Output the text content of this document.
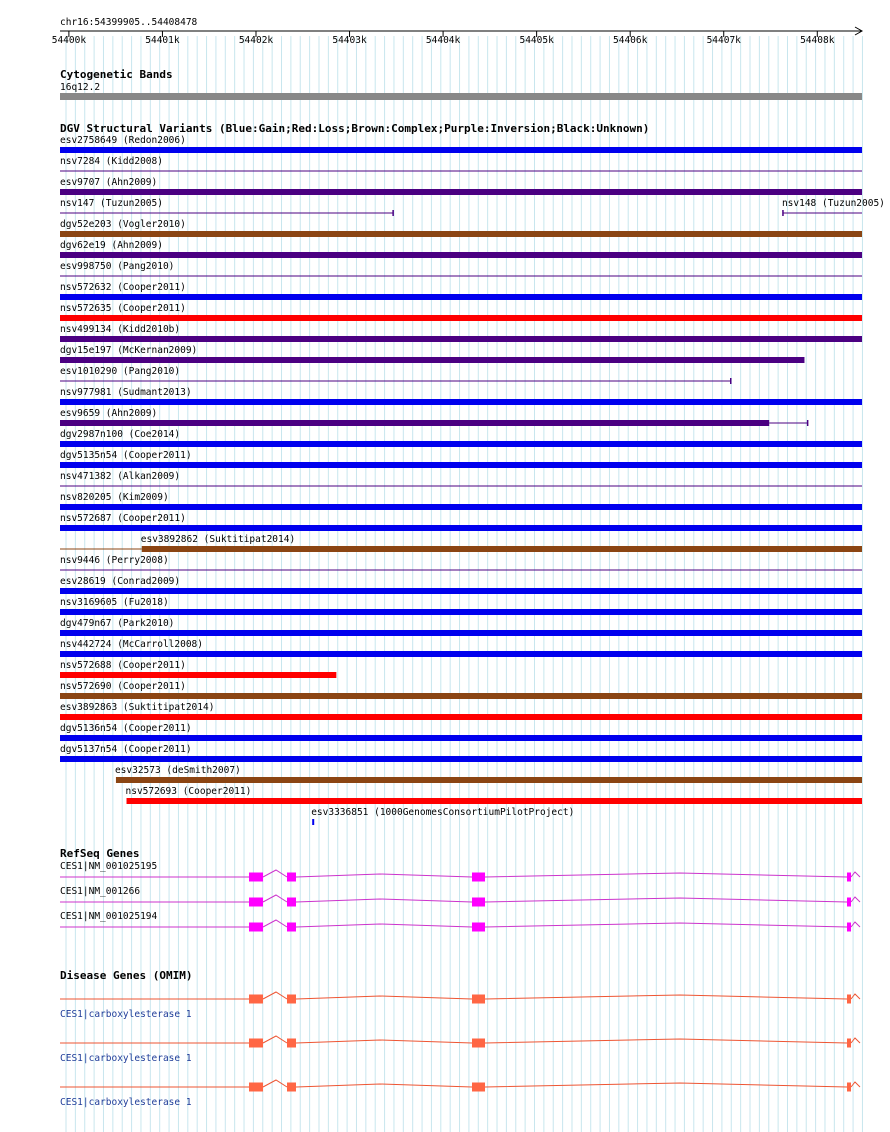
chr16:54399905..54408478
54400k	54401k	54402k	54403k	54404k	54405k	54406k	54407k	54408k
Cytogenetic Bands
16q12.2
DGV Structural Variants (Blue:Gain;Red:Loss;Brown:Complex;Purple:Inversion;Black:Unknown)
esv2758649 (Redon2006)
nsv7284 (Kidd2008)
esv9707 (Ahn2009)
nsv147 (Tuzun2005)	nsv148 (Tuzun2005)
dgv52e203 (Vogler2010)
dgv62e19 (Ahn2009)
esv998750 (Pang2010)
nsv572632 (Cooper2011)
nsv572635 (Cooper2011)
nsv499134 (Kidd2010b)
dgv15e197 (McKernan2009)
esv1010290 (Pang2010)
nsv977981 (Sudmant2013)
esv9659 (Ahn2009)
dgv2987n100 (Coe2014)
dgv5135n54 (Cooper2011)
nsv471382 (Alkan2009)
nsv820205 (Kim2009)
nsv572687 (Cooper2011)
esv3892862 (Suktitipat2014)
nsv9446 (Perry2008)
esv28619 (Conrad2009)
nsv3169605 (Fu2018)
dgv479n67 (Park2010)
nsv442724 (McCarroll2008)
nsv572688 (Cooper2011)
nsv572690 (Cooper2011)
esv3892863 (Suktitipat2014)
dgv5136n54 (Cooper2011)
dgv5137n54 (Cooper2011)
esv32573 (deSmith2007)
nsv572693 (Cooper2011)
esv3336851 (1000GenomesConsortiumPilotProject)
RefSeq Genes
CES1|NM_001025195
CES1|NM_001266
CES1|NM_001025194
Disease Genes (OMIM)
CES1|carboxylesterase 1
CES1|carboxylesterase 1
CES1|carboxylesterase 1
